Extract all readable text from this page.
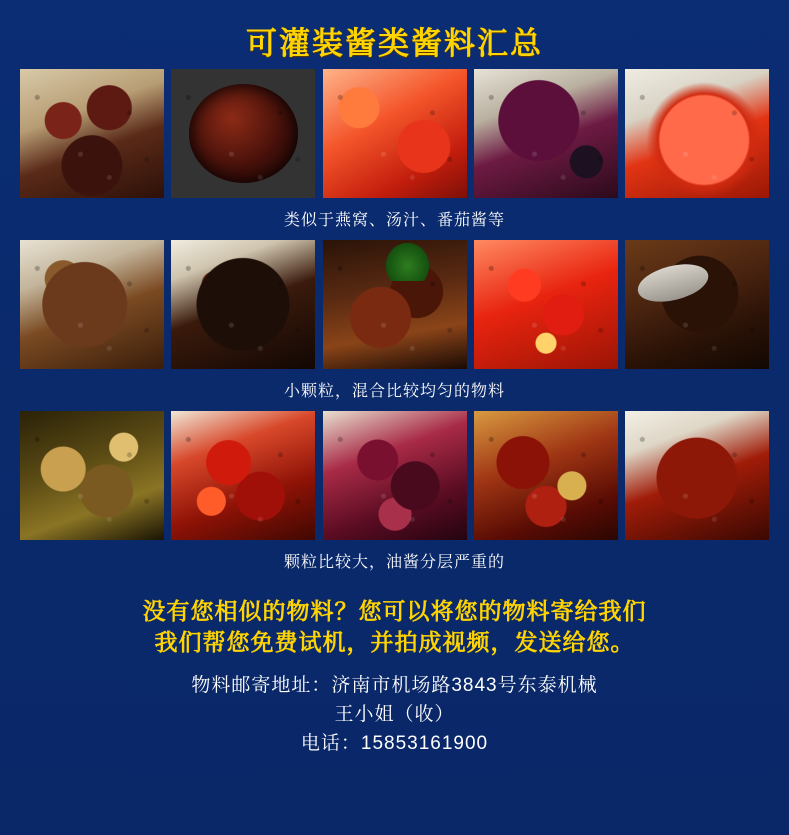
可灌装酱类酱料汇总
类似于燕窝、汤汁、番茄酱等
小颗粒，混合比较均匀的物料
颗粒比较大，油酱分层严重的
没有您相似的物料？您可以将您的物料寄给我们
我们帮您免费试机，并拍成视频，发送给您。
物料邮寄地址：济南市机场路3843号东泰机械
王小姐（收）
电话：15853161900
